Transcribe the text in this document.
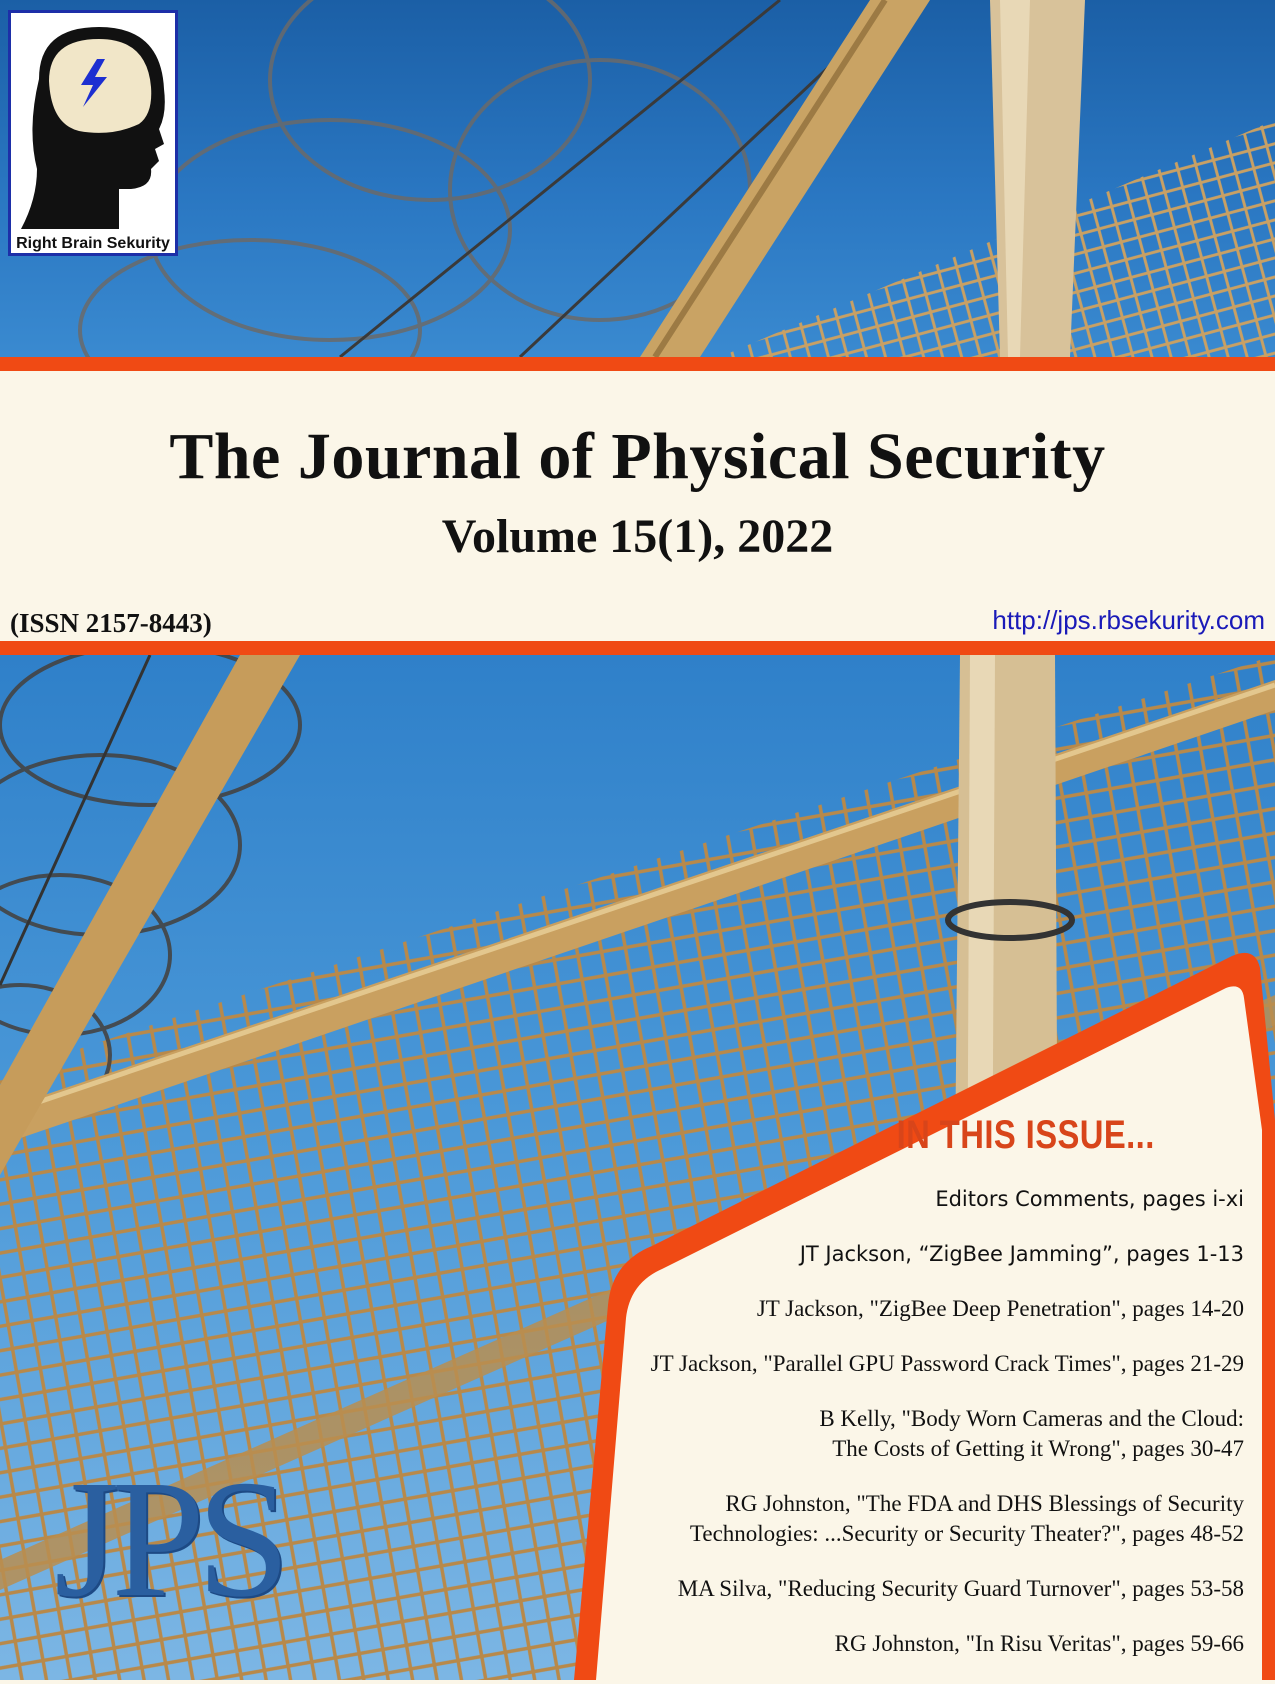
Right Brain Sekurity
The Journal of Physical Security
Volume 15(1), 2022
(ISSN 2157-8443)	http://jps.rbsekurity.com
JPS
IN THIS ISSUE...
Editors Comments, pages i-xi
JT Jackson, “ZigBee Jamming”, pages 1-13
JT Jackson, "ZigBee Deep Penetration", pages 14-20
JT Jackson, "Parallel GPU Password Crack Times", pages 21-29
B Kelly, "Body Worn Cameras and the Cloud:
The Costs of Getting it Wrong", pages 30-47
RG Johnston, "The FDA and DHS Blessings of Security
Technologies: ...Security or Security Theater?", pages 48-52
MA Silva, "Reducing Security Guard Turnover", pages 53-58
RG Johnston, "In Risu Veritas", pages 59-66
